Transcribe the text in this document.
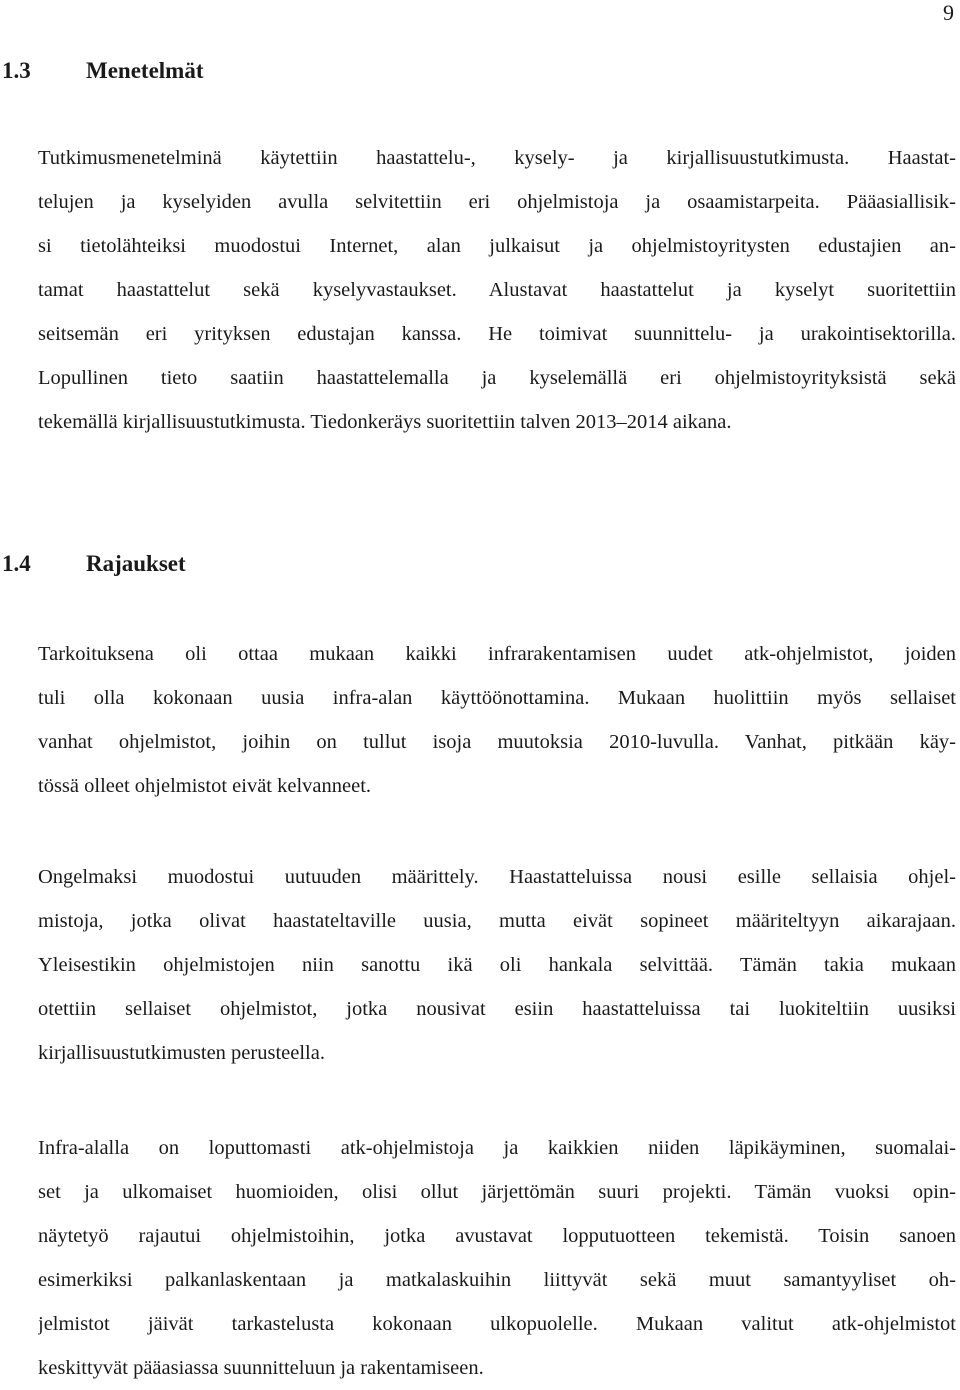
9
1.3 Menetelmät
Tutkimusmenetelminä käytettiin haastattelu-, kysely- ja kirjallisuustutkimusta. Haastat-
telujen ja kyselyiden avulla selvitettiin eri ohjelmistoja ja osaamistarpeita. Pääasiallisik-
si tietolähteiksi muodostui Internet, alan julkaisut ja ohjelmistoyritysten edustajien an-
tamat haastattelut sekä kyselyvastaukset. Alustavat haastattelut ja kyselyt suoritettiin
seitsemän eri yrityksen edustajan kanssa. He toimivat suunnittelu- ja urakointisektorilla.
Lopullinen tieto saatiin haastattelemalla ja kyselemällä eri ohjelmistoyrityksistä sekä
tekemällä kirjallisuustutkimusta. Tiedonkeräys suoritettiin talven 2013–2014 aikana.
1.4 Rajaukset
Tarkoituksena oli ottaa mukaan kaikki infrarakentamisen uudet atk-ohjelmistot, joiden
tuli olla kokonaan uusia infra-alan käyttöönottamina. Mukaan huolittiin myös sellaiset
vanhat ohjelmistot, joihin on tullut isoja muutoksia 2010-luvulla. Vanhat, pitkään käy-
tössä olleet ohjelmistot eivät kelvanneet.
Ongelmaksi muodostui uutuuden määrittely. Haastatteluissa nousi esille sellaisia ohjel-
mistoja, jotka olivat haastateltaville uusia, mutta eivät sopineet määriteltyyn aikarajaan.
Yleisestikin ohjelmistojen niin sanottu ikä oli hankala selvittää. Tämän takia mukaan
otettiin sellaiset ohjelmistot, jotka nousivat esiin haastatteluissa tai luokiteltiin uusiksi
kirjallisuustutkimusten perusteella.
Infra-alalla on loputtomasti atk-ohjelmistoja ja kaikkien niiden läpikäyminen, suomalai-
set ja ulkomaiset huomioiden, olisi ollut järjettömän suuri projekti. Tämän vuoksi opin-
näytetyö rajautui ohjelmistoihin, jotka avustavat lopputuotteen tekemistä. Toisin sanoen
esimerkiksi palkanlaskentaan ja matkalaskuihin liittyvät sekä muut samantyyliset oh-
jelmistot jäivät tarkastelusta kokonaan ulkopuolelle. Mukaan valitut atk-ohjelmistot
keskittyvät pääasiassa suunnitteluun ja rakentamiseen.
